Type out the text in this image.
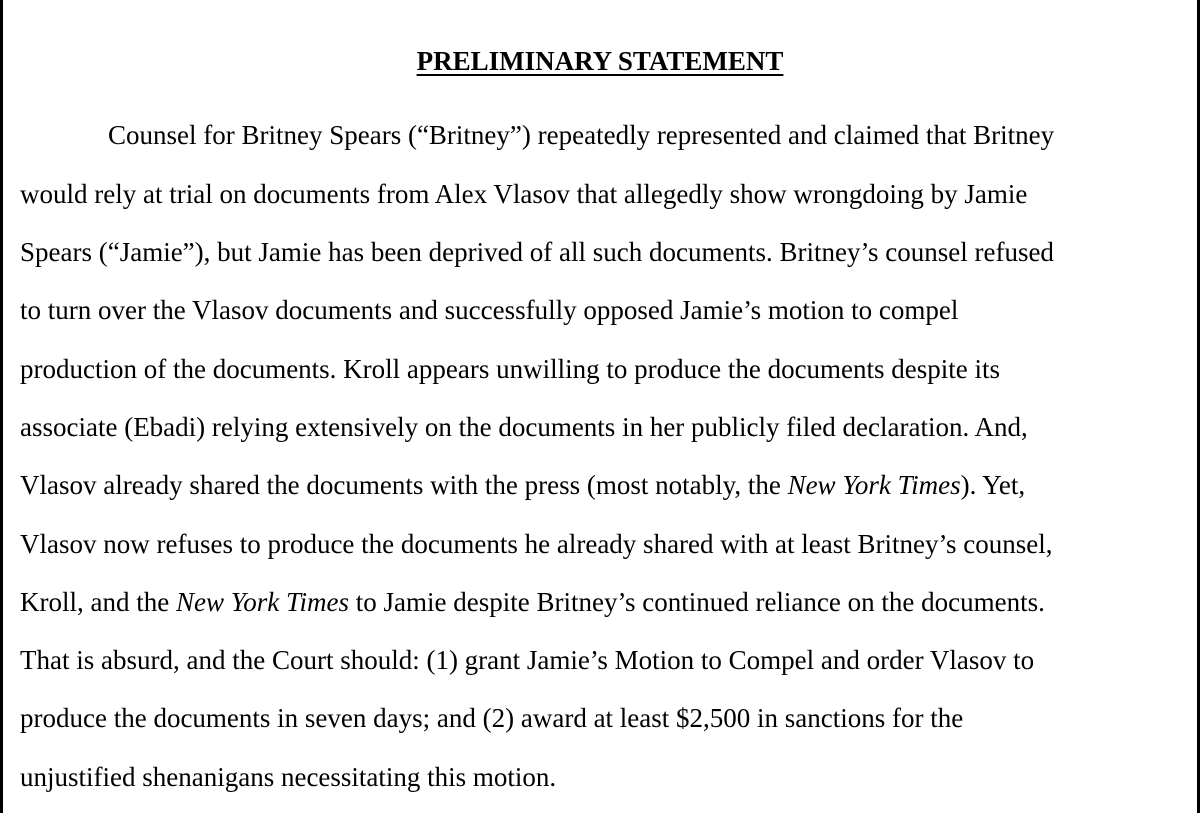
PRELIMINARY STATEMENT

Counsel for Britney Spears (“Britney”) repeatedly represented and claimed that Britney

would rely at trial on documents from Alex Vlasov that allegedly show wrongdoing by Jamie

Spears (“Jamie”), but Jamie has been deprived of all such documents. Britney’s counsel refused

to turn over the Vlasov documents and successfully opposed Jamie’s motion to compel

production of the documents. Kroll appears unwilling to produce the documents despite its

associate (Ebadi) relying extensively on the documents in her publicly filed declaration. And,

Vlasov already shared the documents with the press (most notably, the New York Times). Yet,

Vlasov now refuses to produce the documents he already shared with at least Britney’s counsel,

Kroll, and the New York Times to Jamie despite Britney’s continued reliance on the documents.

That is absurd, and the Court should: (1) grant Jamie’s Motion to Compel and order Vlasov to

produce the documents in seven days; and (2) award at least $2,500 in sanctions for the

unjustified shenanigans necessitating this motion.
